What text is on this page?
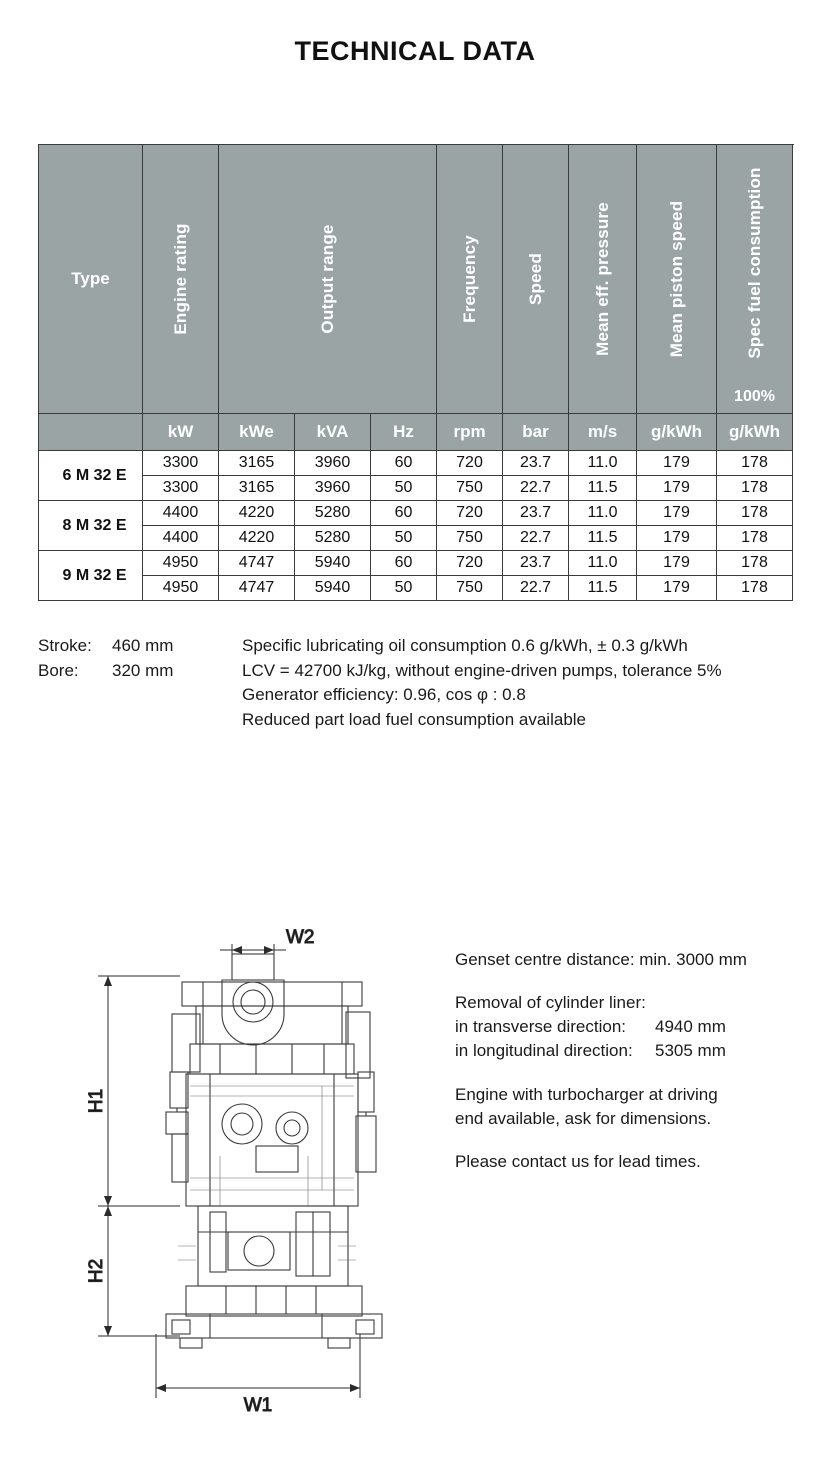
TECHNICAL DATA
Type	Engine rating	Output range			Frequency	Speed	Mean eff. pressure	Mean piston speed	Spec fuel consumption	

									100%	85%
	kW	kWe	kVA	Hz	rpm	bar	m/s	g/kWh	g/kWh	
6 M 32 E	3300	3165	3960	60	720	23.7	11.0	179	178	
	3300	3165	3960	50	750	22.7	11.5	179	178	
8 M 32 E	4400	4220	5280	60	720	23.7	11.0	179	178	
	4400	4220	5280	50	750	22.7	11.5	179	178	
9 M 32 E	4950	4747	5940	60	720	23.7	11.0	179	178	
	4950	4747	5940	50	750	22.7	11.5	179	178	
Stroke:	460 mm
Bore:	320 mm
Specific lubricating oil consumption 0.6 g/kWh, ± 0.3 g/kWh
LCV = 42700 kJ/kg, without engine-driven pumps, tolerance 5%
Generator efficiency: 0.96, cos φ : 0.8
Reduced part load fuel consumption available
W2
H1
H2
W1

Genset centre distance: min. 3000 mm

Removal of cylinder liner:

in transverse direction:	4940 mm
in longitudinal direction:	5305 mm

Engine with turbocharger at driving
end available, ask for dimensions.

Please contact us for lead times.
